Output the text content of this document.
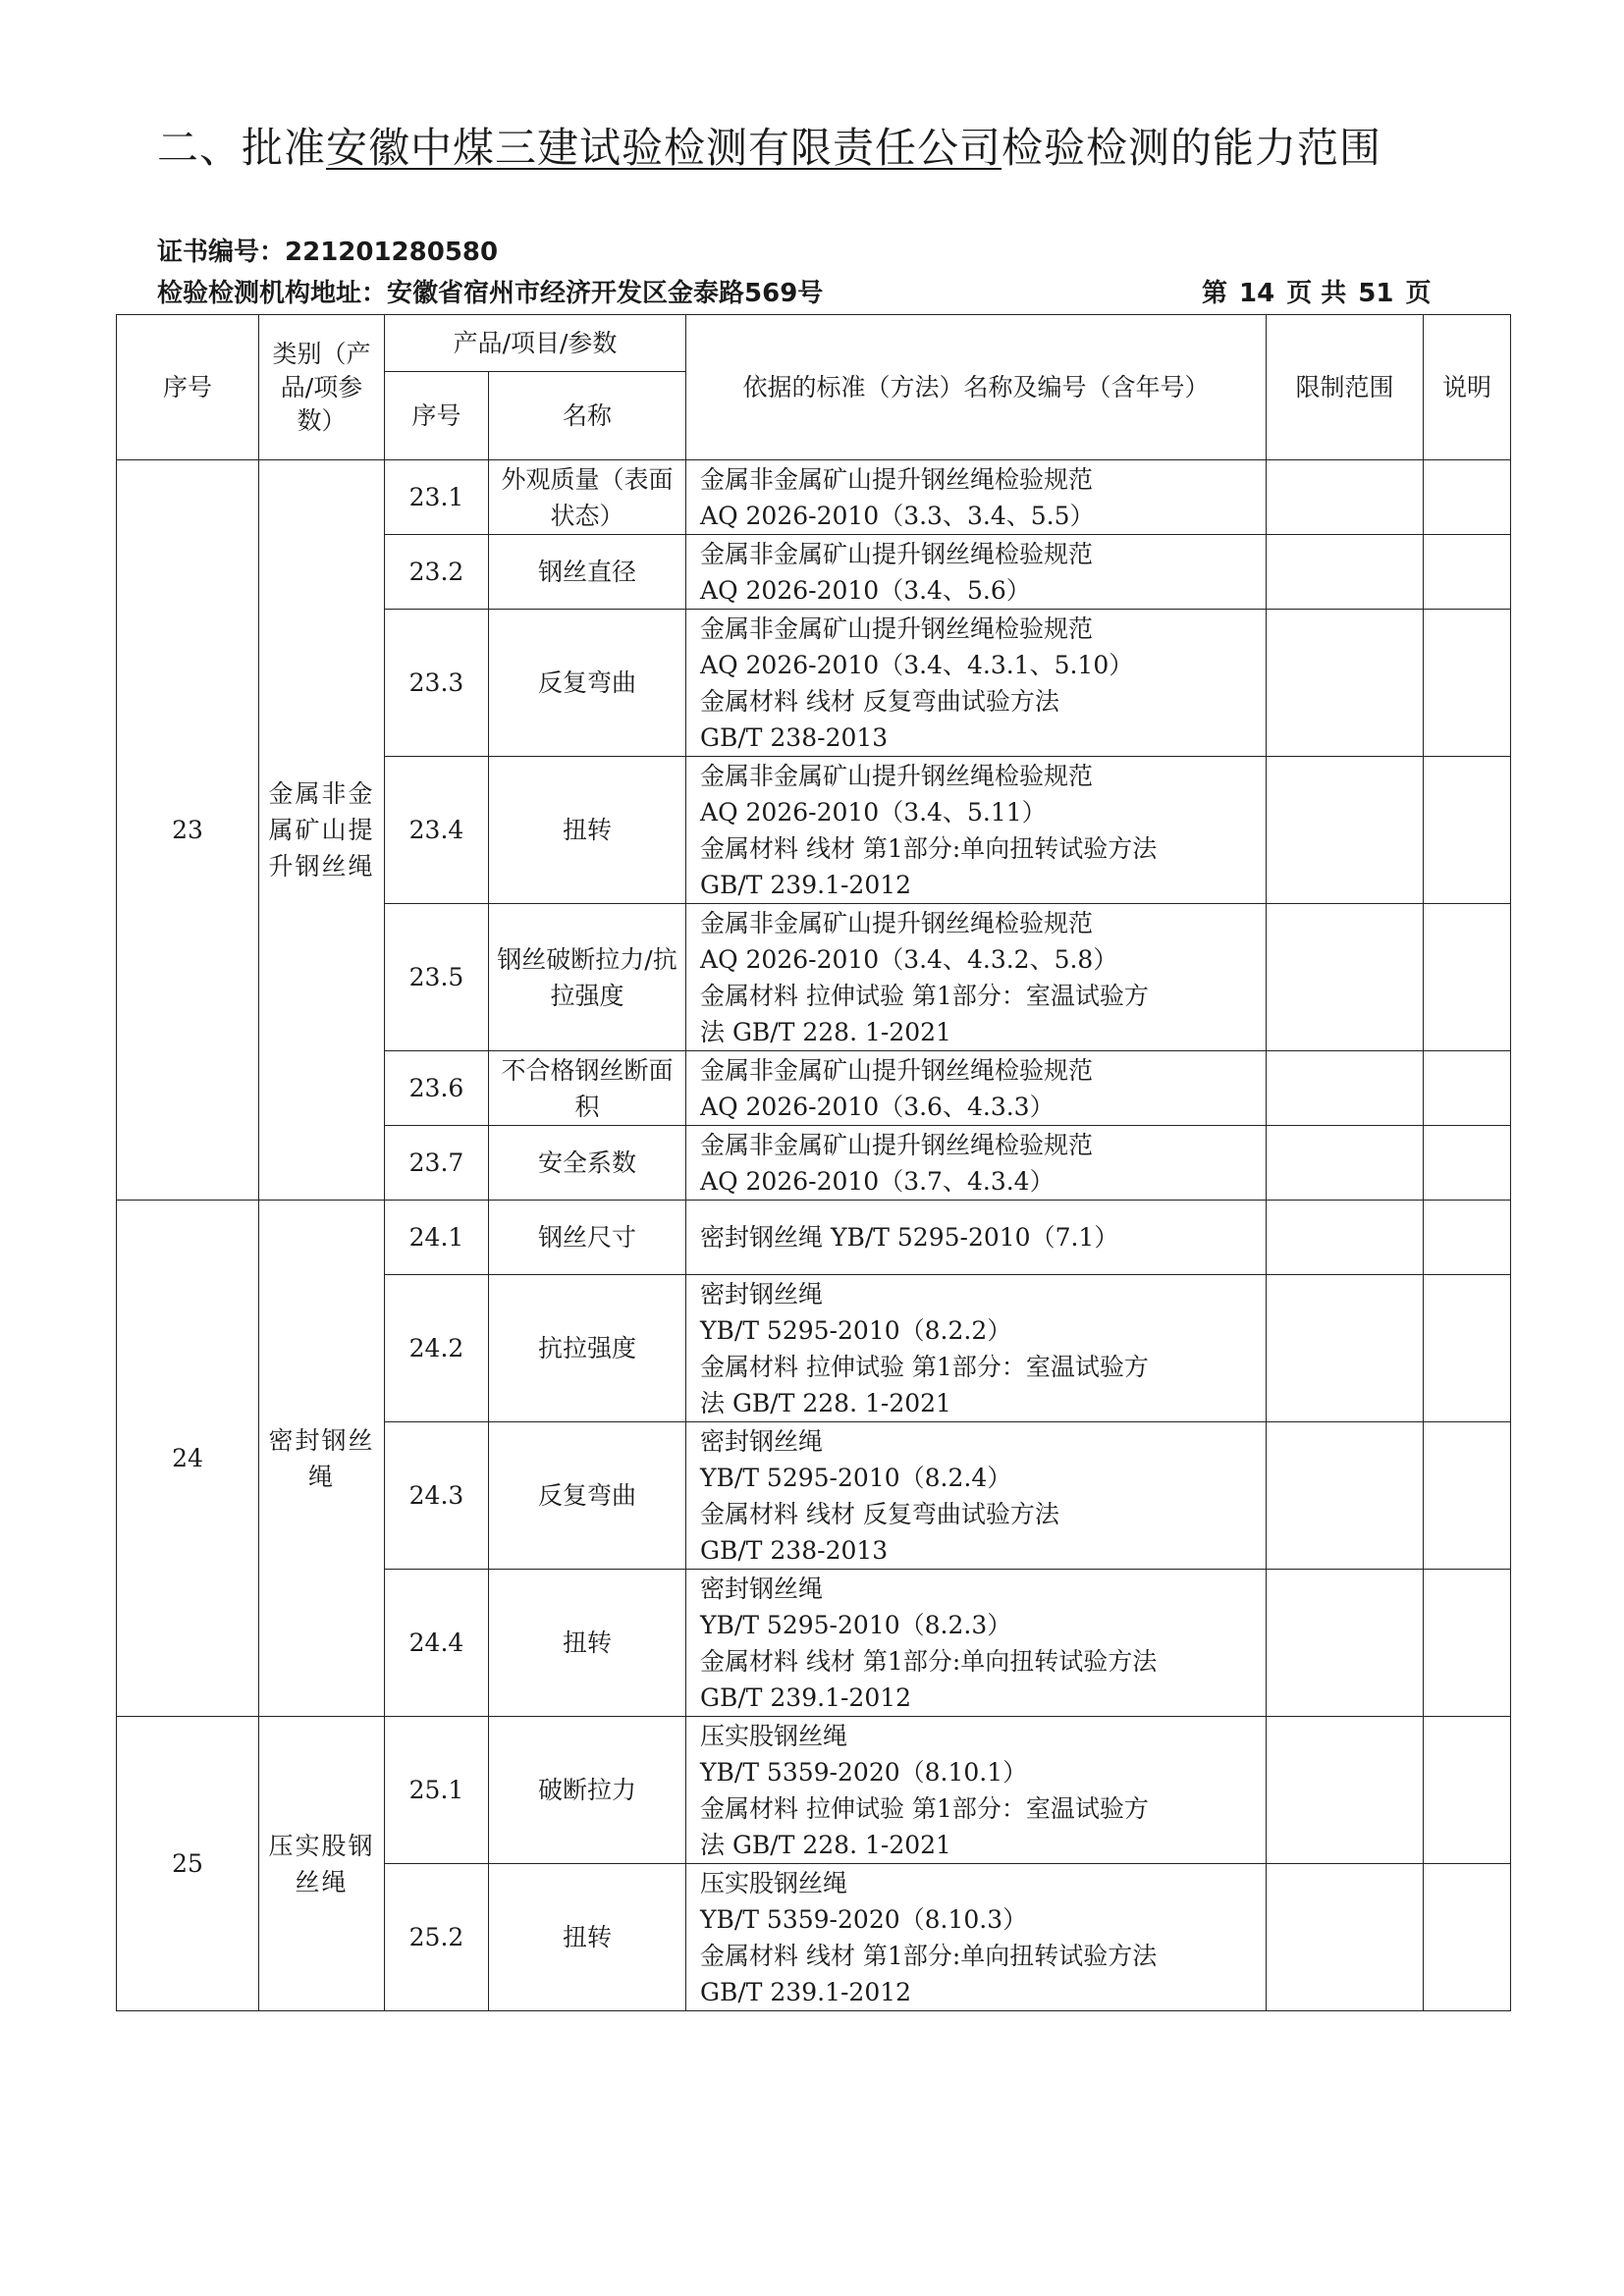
二、批准安徽中煤三建试验检测有限责任公司检验检测的能力范围
证书编号：221201280580
检验检测机构地址：安徽省宿州市经济开发区金泰路569号	第 14 页 共 51 页
序号	类别（产品/项参数）	产品/项目/参数		依据的标准（方法）名称及编号（含年号）	限制范围	说明
		序号	名称			
23	金属非金属矿山提升钢丝绳	23.1	外观质量（表面状态）	金属非金属矿山提升钢丝绳检验规范
AQ 2026-2010（3.3、3.4、5.5）		

		23.2	钢丝直径	金属非金属矿山提升钢丝绳检验规范
AQ 2026-2010（3.4、5.6）		

		23.3	反复弯曲	金属非金属矿山提升钢丝绳检验规范
AQ 2026-2010（3.4、4.3.1、5.10）
金属材料 线材 反复弯曲试验方法
GB/T 238-2013		

		23.4	扭转	金属非金属矿山提升钢丝绳检验规范
AQ 2026-2010（3.4、5.11）
金属材料 线材 第1部分:单向扭转试验方法
GB/T 239.1-2012		

		23.5	钢丝破断拉力/抗拉强度	金属非金属矿山提升钢丝绳检验规范
AQ 2026-2010（3.4、4.3.2、5.8）
金属材料 拉伸试验 第1部分：室温试验方
法 GB/T 228. 1-2021		

		23.6	不合格钢丝断面积	金属非金属矿山提升钢丝绳检验规范
AQ 2026-2010（3.6、4.3.3）		

		23.7	安全系数	金属非金属矿山提升钢丝绳检验规范
AQ 2026-2010（3.7、4.3.4）		

24	密封钢丝绳	24.1	钢丝尺寸	密封钢丝绳 YB/T 5295-2010（7.1）		

		24.2	抗拉强度	密封钢丝绳
YB/T 5295-2010（8.2.2）
金属材料 拉伸试验 第1部分：室温试验方
法 GB/T 228. 1-2021		

		24.3	反复弯曲	密封钢丝绳
YB/T 5295-2010（8.2.4）
金属材料 线材 反复弯曲试验方法
GB/T 238-2013		

		24.4	扭转	密封钢丝绳
YB/T 5295-2010（8.2.3）
金属材料 线材 第1部分:单向扭转试验方法
GB/T 239.1-2012		

25	压实股钢丝绳	25.1	破断拉力	压实股钢丝绳
YB/T 5359-2020（8.10.1）
金属材料 拉伸试验 第1部分：室温试验方
法 GB/T 228. 1-2021		

		25.2	扭转	压实股钢丝绳
YB/T 5359-2020（8.10.3）
金属材料 线材 第1部分:单向扭转试验方法
GB/T 239.1-2012		
